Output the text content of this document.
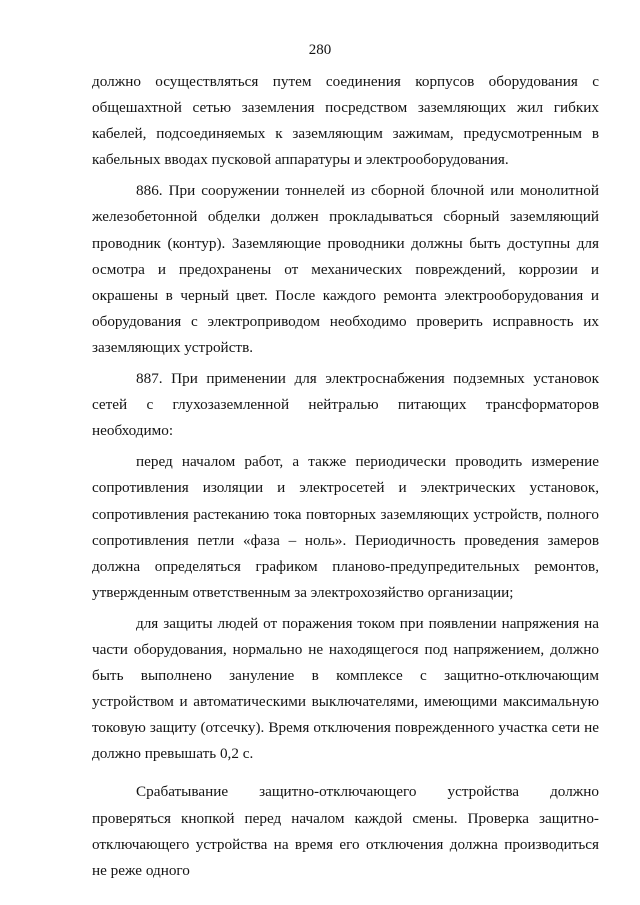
280

должно осуществляться путем соединения корпусов оборудования с общешахтной сетью заземления посредством заземляющих жил гибких кабелей, подсоединяемых к заземляющим зажимам, предусмотренным в кабельных вводах пусковой аппаратуры и электрооборудования.

886. При сооружении тоннелей из сборной блочной или монолитной железобетонной обделки должен прокладываться сборный заземляющий проводник (контур). Заземляющие проводники должны быть доступны для осмотра и предохранены от механических повреждений, коррозии и окрашены в черный цвет. После каждого ремонта электрооборудования и оборудования с электроприводом необходимо проверить исправность их заземляющих устройств.

887. При применении для электроснабжения подземных установок сетей с глухозаземленной нейтралью питающих трансформаторов необходимо:

перед началом работ, а также периодически проводить измерение сопротивления изоляции и электросетей и электрических установок, сопротивления растеканию тока повторных заземляющих устройств, полного сопротивления петли «фаза – ноль». Периодичность проведения замеров должна определяться графиком планово-предупредительных ремонтов, утвержденным ответственным за электрохозяйство организации;

для защиты людей от поражения током при появлении напряжения на части оборудования, нормально не находящегося под напряжением, должно быть выполнено зануление в комплексе с защитно-отключающим устройством и автоматическими выключателями, имеющими максимальную токовую защиту (отсечку). Время отключения поврежденного участка сети не должно превышать 0,2 с.

Срабатывание защитно-отключающего устройства должно проверяться кнопкой перед началом каждой смены. Проверка защитно-отключающего устройства на время его отключения должна производиться не реже одного
